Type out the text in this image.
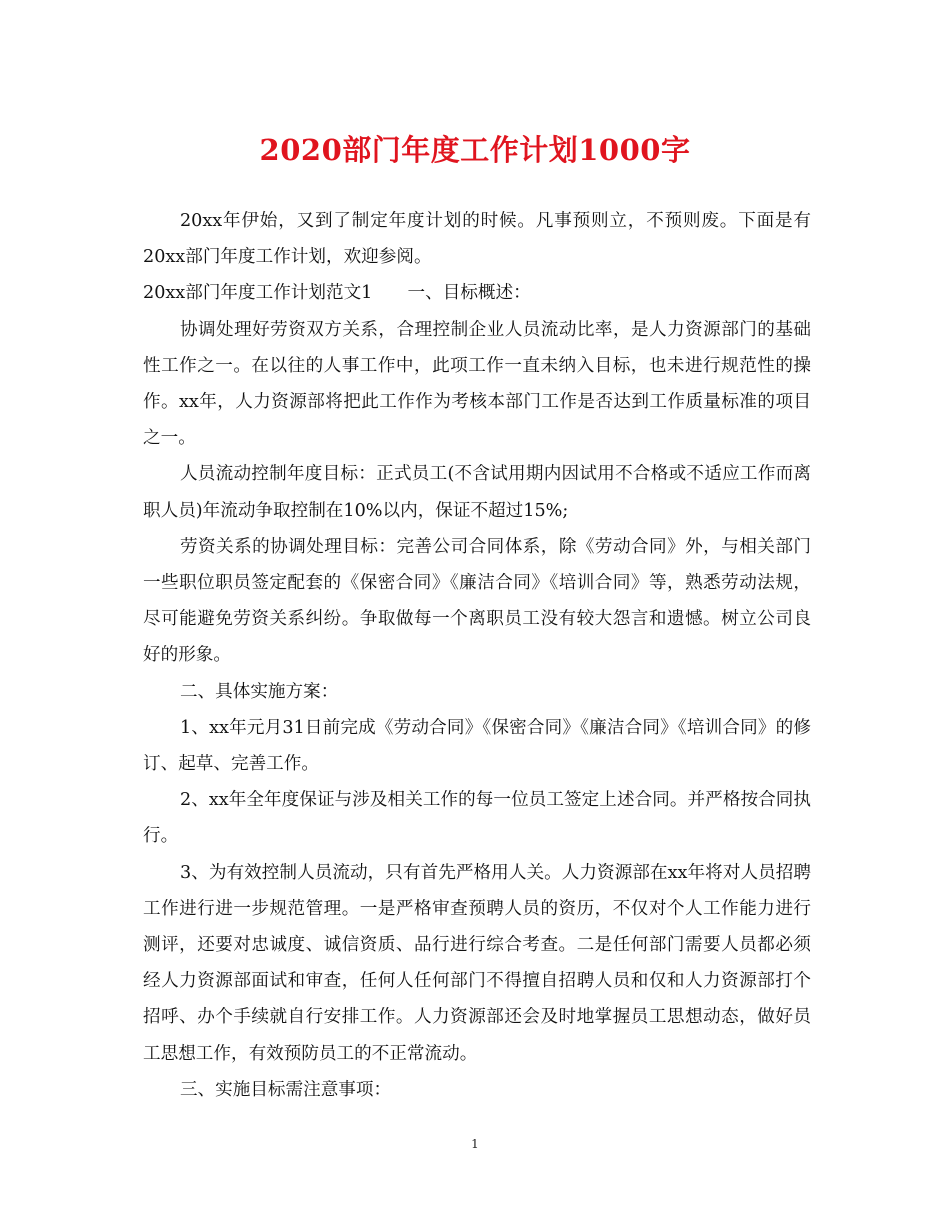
2020部门年度工作计划1000字

20xx年伊始，又到了制定年度计划的时候。凡事预则立，不预则废。下面是有20xx部门年度工作计划，欢迎参阅。

20xx部门年度工作计划范文1　　一、目标概述：

协调处理好劳资双方关系，合理控制企业人员流动比率，是人力资源部门的基础性工作之一。在以往的人事工作中，此项工作一直未纳入目标，也未进行规范性的操作。xx年，人力资源部将把此工作作为考核本部门工作是否达到工作质量标准的项目之一。

人员流动控制年度目标：正式员工(不含试用期内因试用不合格或不适应工作而离职人员)年流动争取控制在10%以内，保证不超过15%;

劳资关系的协调处理目标：完善公司合同体系，除《劳动合同》外，与相关部门一些职位职员签定配套的《保密合同》《廉洁合同》《培训合同》等，熟悉劳动法规，尽可能避免劳资关系纠纷。争取做每一个离职员工没有较大怨言和遗憾。树立公司良好的形象。

二、具体实施方案：

1、xx年元月31日前完成《劳动合同》《保密合同》《廉洁合同》《培训合同》的修订、起草、完善工作。

2、xx年全年度保证与涉及相关工作的每一位员工签定上述合同。并严格按合同执行。

3、为有效控制人员流动，只有首先严格用人关。人力资源部在xx年将对人员招聘工作进行进一步规范管理。一是严格审查预聘人员的资历，不仅对个人工作能力进行测评，还要对忠诚度、诚信资质、品行进行综合考查。二是任何部门需要人员都必须经人力资源部面试和审查，任何人任何部门不得擅自招聘人员和仅和人力资源部打个招呼、办个手续就自行安排工作。人力资源部还会及时地掌握员工思想动态，做好员工思想工作，有效预防员工的不正常流动。

三、实施目标需注意事项：

1
